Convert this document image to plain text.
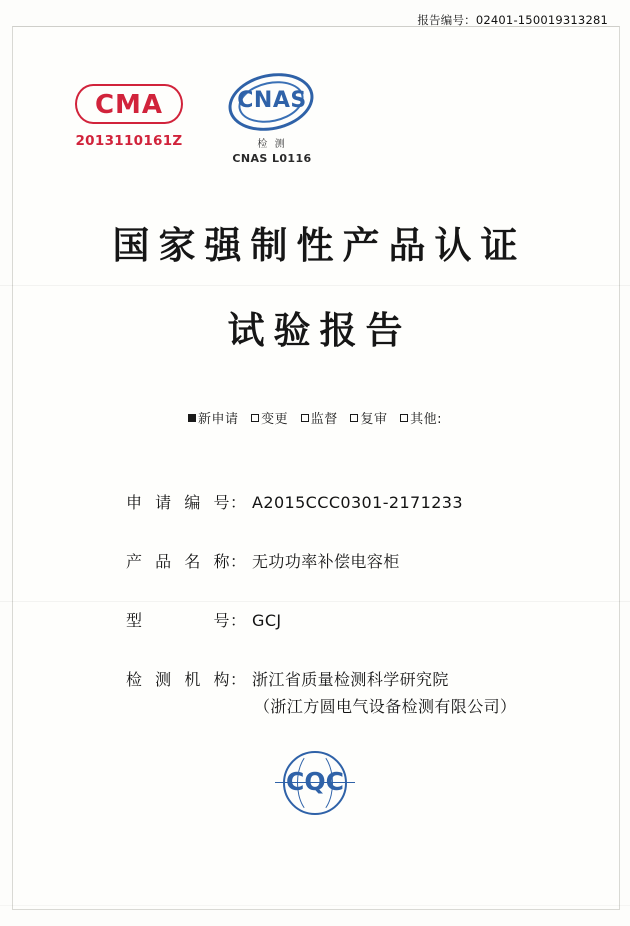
报告编号：02401-150019313281
CMA
2013110161Z
CNAS
检 测
CNAS L0116
国家强制性产品认证
试验报告
新申请 变更 监督 复审 其他:
申请编号 ： A2015CCC0301-2171233
产品名称 ： 无功功率补偿电容柜
型号 ： GCJ
检测机构 ： 浙江省质量检测科学研究院
（浙江方圆电气设备检测有限公司）
CQC
